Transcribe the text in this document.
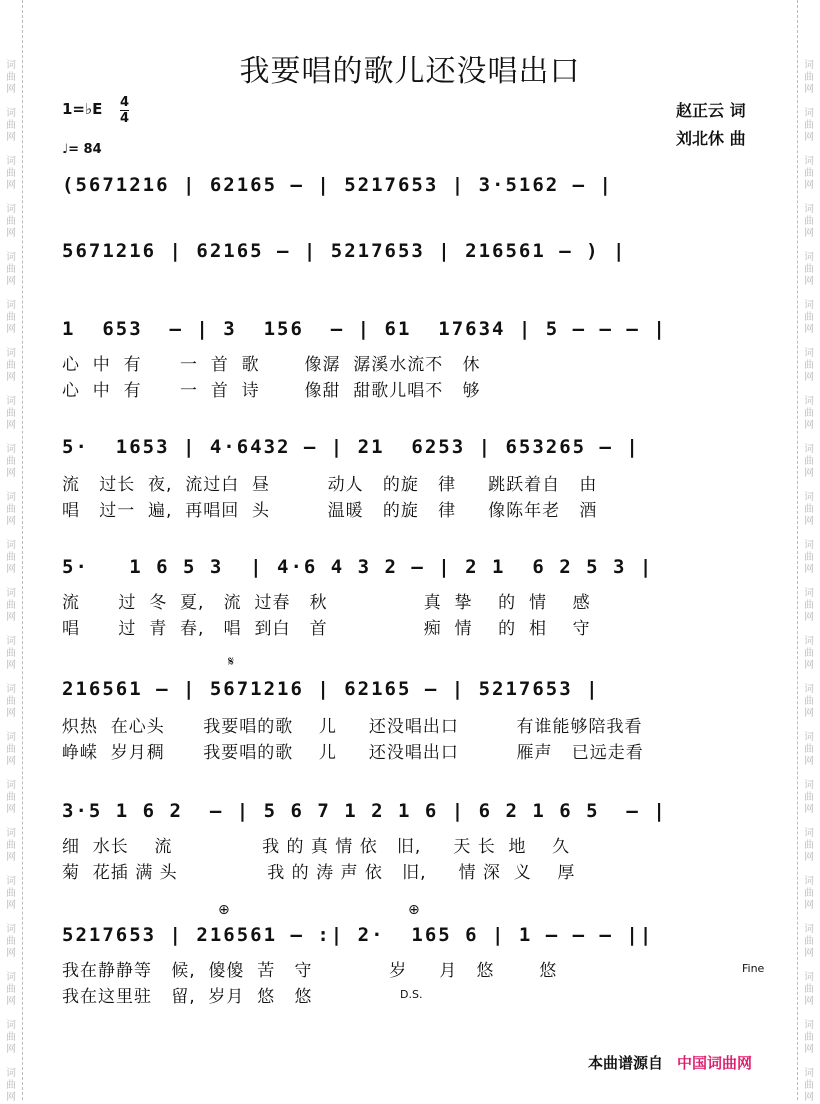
词
曲
网
词
曲
网
词
曲
网
词
曲
网
词
曲
网
词
曲
网
词
曲
网
词
曲
网
词
曲
网
词
曲
网
词
曲
网
词
曲
网
词
曲
网
词
曲
网
词
曲
网
词
曲
网
词
曲
网
词
曲
网
词
曲
网
词
曲
网
词
曲
网
词
曲
网
词
曲
网
词
曲
网
词
曲
网
词
曲
网
词
曲
网
词
曲
网
词
曲
网
词
曲
网
词
曲
网
词
曲
网
词
曲
网
词
曲
网
词
曲
网
词
曲
网
词
曲
网
词
曲
网
词
曲
网
词
曲
网
词
曲
网
词
曲
网
词
曲
网
词
曲
网
我要唱的歌儿还没唱出口
1=♭E 4
4
♩= 84
赵正云 词
刘北休 曲
(5671216 | 62165 — | 5217653 | 3·5162 — |
5671216 | 62165 — | 5217653 | 216561 — ) |
1  653  — | 3  156  — | 61  17634 | 5 — — — |
心  中  有      一  首  歌       像潺  潺溪水流不   休
心  中  有      一  首  诗       像甜  甜歌儿唱不   够
5·  1653 | 4·6432 — | 21  6253 | 653265 — |
流   过长  夜,  流过白  昼         动人   的旋   律     跳跃着自   由
唱   过一  遍,  再唱回  头         温暖   的旋   律     像陈年老   酒
5·   1 6 5 3  | 4·6 4 3 2 — | 2 1  6 2 5 3 |
流      过  冬  夏,   流  过春   秋               真  挚    的  情    感
唱      过  青  春,   唱  到白   首               痴  情    的  相    守
𝄋
216561 — | 5671216 | 62165 — | 5217653 |
炽热  在心头      我要唱的歌    儿     还没唱出口         有谁能够陪我看
峥嵘  岁月稠      我要唱的歌    儿     还没唱出口         雁声   已远走看
3·5 1 6 2  — | 5 6 7 1 2 1 6 | 6 2 1 6 5  — |
细  水长    流              我 的 真 情 依   旧,     天 长  地    久
菊  花插 满 头              我 的 涛 声 依   旧,     情 深  义    厚
⊕	⊕
5217653 | 216561 — :| 2·  165 6 | 1 — — — ||
我在静静等   候,  傻傻  苦   守            岁     月   悠       悠
我在这里驻   留,  岁月  悠   悠
Fine
D.S.
本曲谱源自 中国词曲网
